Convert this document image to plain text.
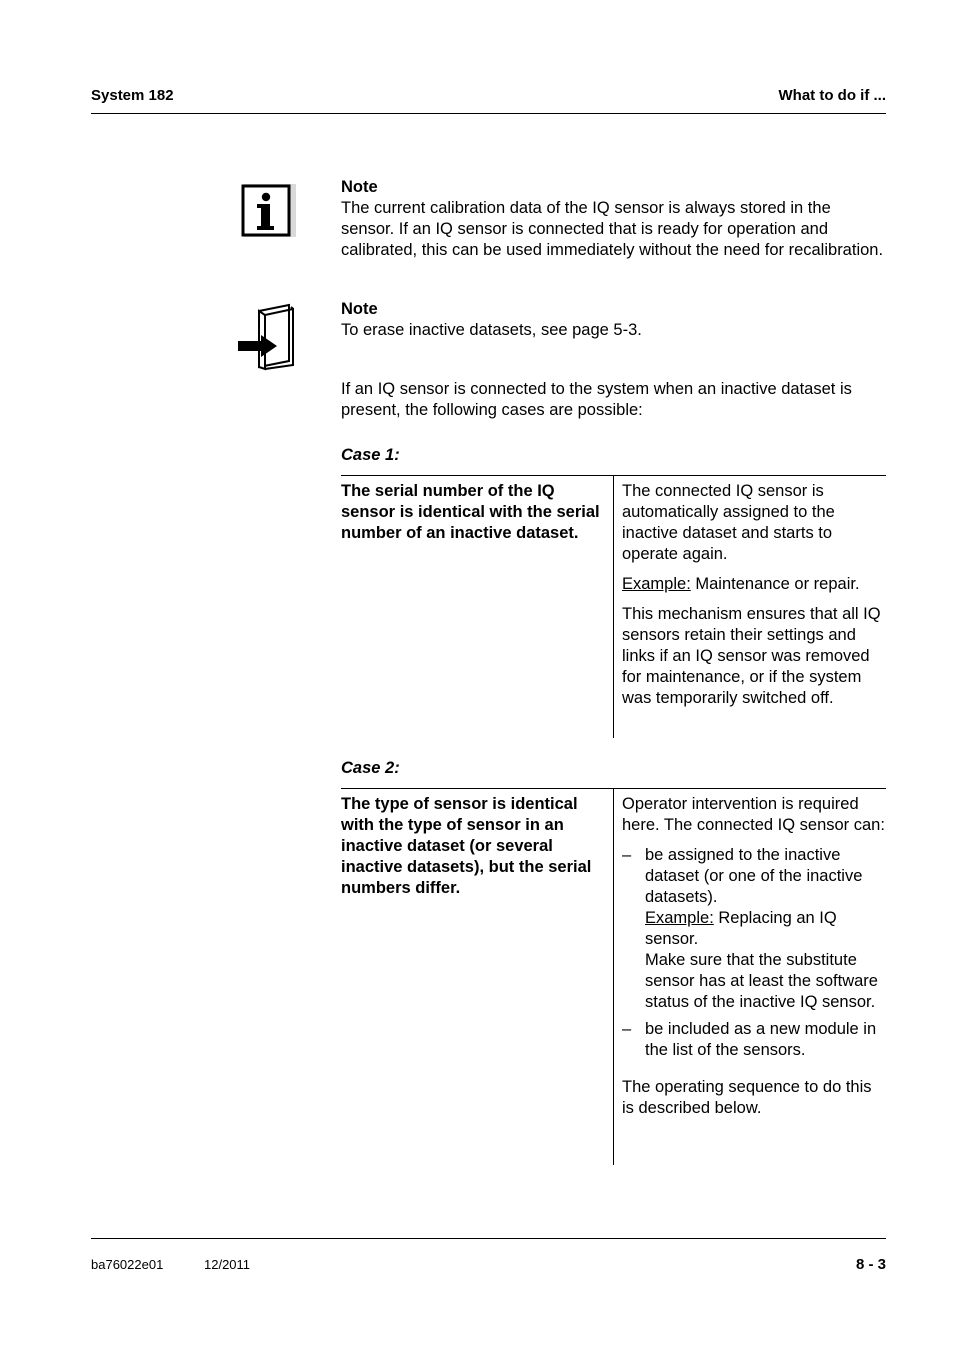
System 182	What to do if ...
Note

The current calibration data of the IQ sensor is always stored in the sensor. If an IQ sensor is connected that is ready for operation and calibrated, this can be used immediately without the need for recalibration.

Note

To erase inactive datasets, see page 5-3.

If an IQ sensor is connected to the system when an inactive dataset is present, the following cases are possible:
Case 1:
The serial number of the IQ sensor is identical with the serial number of an inactive dataset.

The connected IQ sensor is automatically assigned to the inactive dataset and starts to operate again.

Example: Maintenance or repair.

This mechanism ensures that all IQ sensors retain their settings and links if an IQ sensor was removed for maintenance, or if the system was temporarily switched off.

Case 2:
The type of sensor is identical with the type of sensor in an inactive dataset (or several inactive datasets), but the serial numbers differ.

Operator intervention is required here. The connected IQ sensor can:

– be assigned to the inactive dataset (or one of the inactive datasets).
Example: Replacing an IQ sensor.
Make sure that the substitute sensor has at least the software status of the inactive IQ sensor.
– be included as a new module in the list of the sensors.

The operating sequence to do this is described below.

ba76022e01	12/2011	8 - 3
